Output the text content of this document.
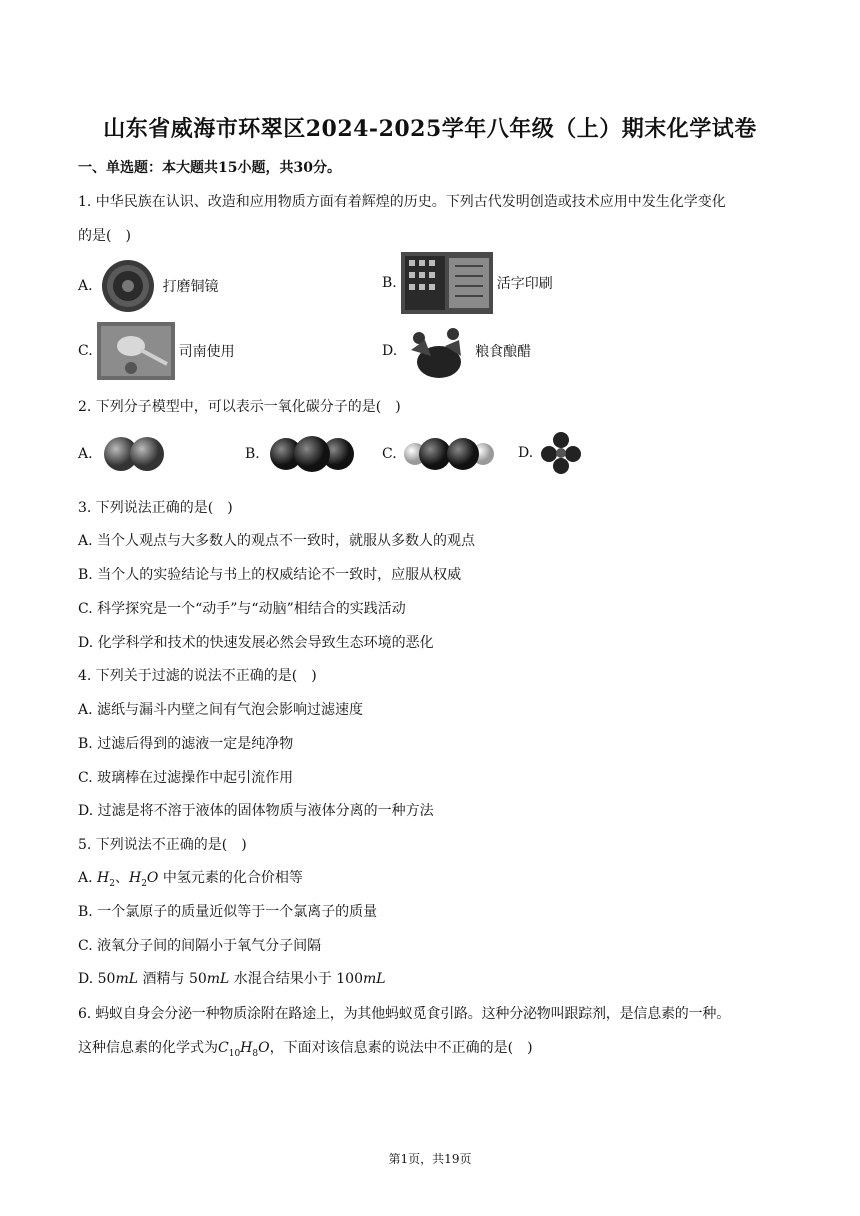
山东省威海市环翠区2024-2025学年八年级（上）期末化学试卷
一、单选题：本大题共15小题，共30分。
1. 中华民族在认识、改造和应用物质方面有着辉煌的历史。下列古代发明创造或技术应用中发生化学变化
的是(　)
A.	打磨铜镜	B.	活字印刷
C.	司南使用	D.	粮食酿醋
2. 下列分子模型中，可以表示一氧化碳分子的是(　)
A.	B.	C.	D.
3. 下列说法正确的是(　)
A. 当个人观点与大多数人的观点不一致时，就服从多数人的观点
B. 当个人的实验结论与书上的权威结论不一致时，应服从权威
C. 科学探究是一个“动手”与“动脑”相结合的实践活动
D. 化学科学和技术的快速发展必然会导致生态环境的恶化
4. 下列关于过滤的说法不正确的是(　)
A. 滤纸与漏斗内壁之间有气泡会影响过滤速度
B. 过滤后得到的滤液一定是纯净物
C. 玻璃棒在过滤操作中起引流作用
D. 过滤是将不溶于液体的固体物质与液体分离的一种方法
5. 下列说法不正确的是(　)
A. $H_2$、$H_2O$ 中氢元素的化合价相等
B. 一个氯原子的质量近似等于一个氯离子的质量
C. 液氧分子间的间隔小于氧气分子间隔
D. 50mL 酒精与 50mL 水混合结果小于 100mL
6. 蚂蚁自身会分泌一种物质涂附在路途上，为其他蚂蚁觅食引路。这种分泌物叫跟踪剂，是信息素的一种。
这种信息素的化学式为$C_{10}H_8O$，下面对该信息素的说法中不正确的是(　)
第1页，共19页
